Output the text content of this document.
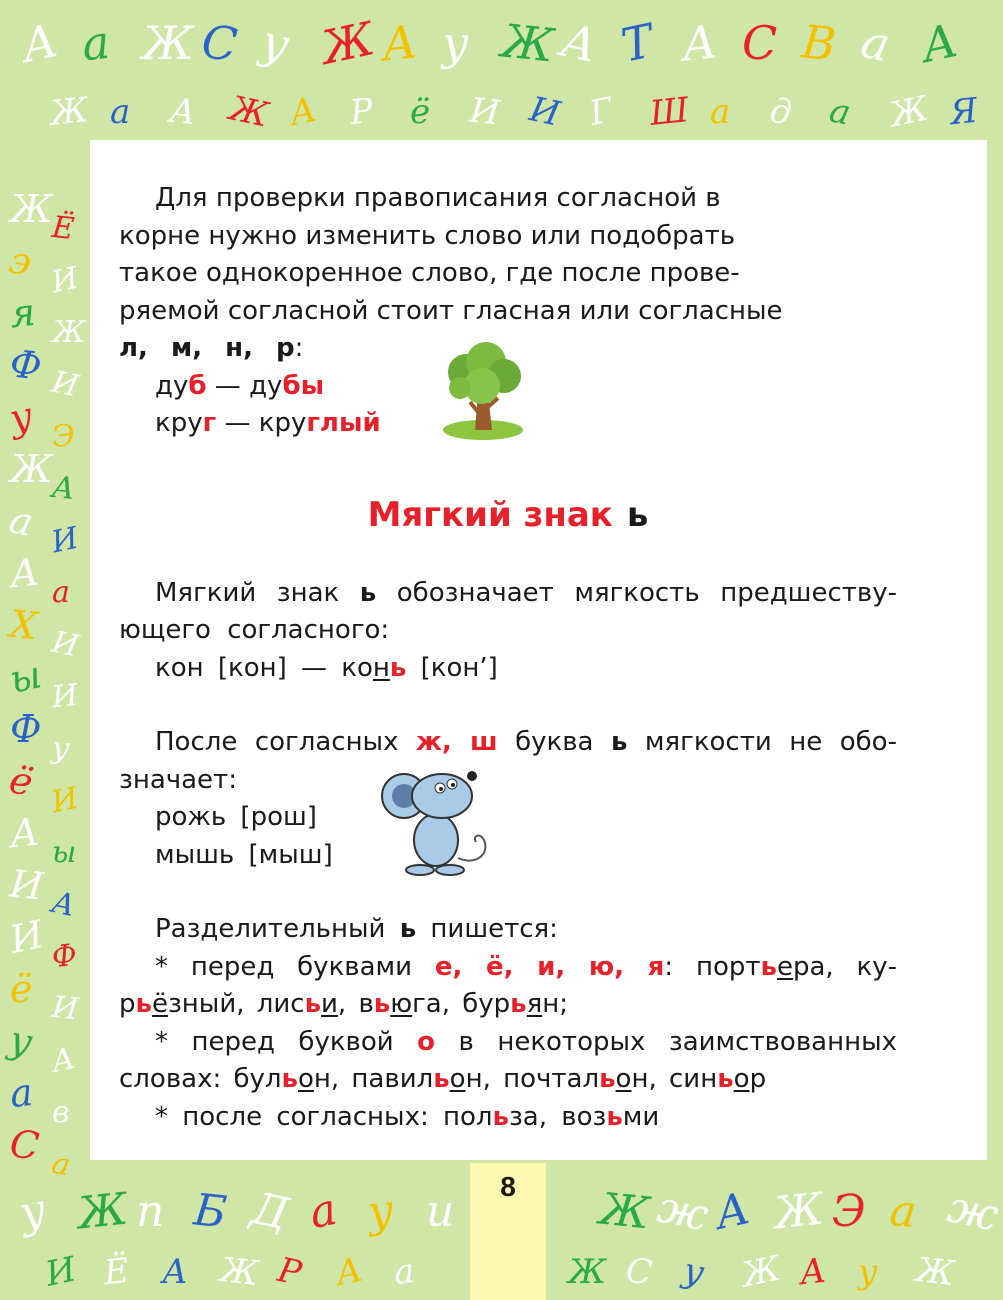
А а Ж С у Ж А у Ж А Т А С В а А
Ж а А Ж А Р ё И И Г Ш а д а Ж Я
Ж
Ё
э И
я Ж
Ф И
у Э
Ж
А
а И
А а
Х И
ы И
Ф у
ё И
А ы
И А
И Ф
ё И
у А
а в
С а
у Ж п Б Д а у и	Ж ж
А Ж Э а ж
И Ё А Ж Р А а	Ж С у Ж А у Ж

Для проверки правописания согласной в

корне нужно изменить слово или подобрать

такое однокоренное слово, где после прове-

ряемой согласной стоит гласная или согласные

л, м, н, р:

дуб — дубы

круг — круглый

Мягкий знак ь

Мягкий знак ь обозначает мягкость предшеству-

ющего согласного:

кон [кон] — конь [кон’]

После согласных ж, ш буква ь мягкости не обо-

значает:

рожь [рош]

мышь [мыш]

Разделительный ь пишется:

* перед буквами е, ё, и, ю, я: портьера, ку-

рьёзный, лисьи, вьюга, бурьян;

* перед буквой о в некоторых заимствованных

словах: бульон, павильон, почтальон, синьор

* после согласных: польза, возьми

8
